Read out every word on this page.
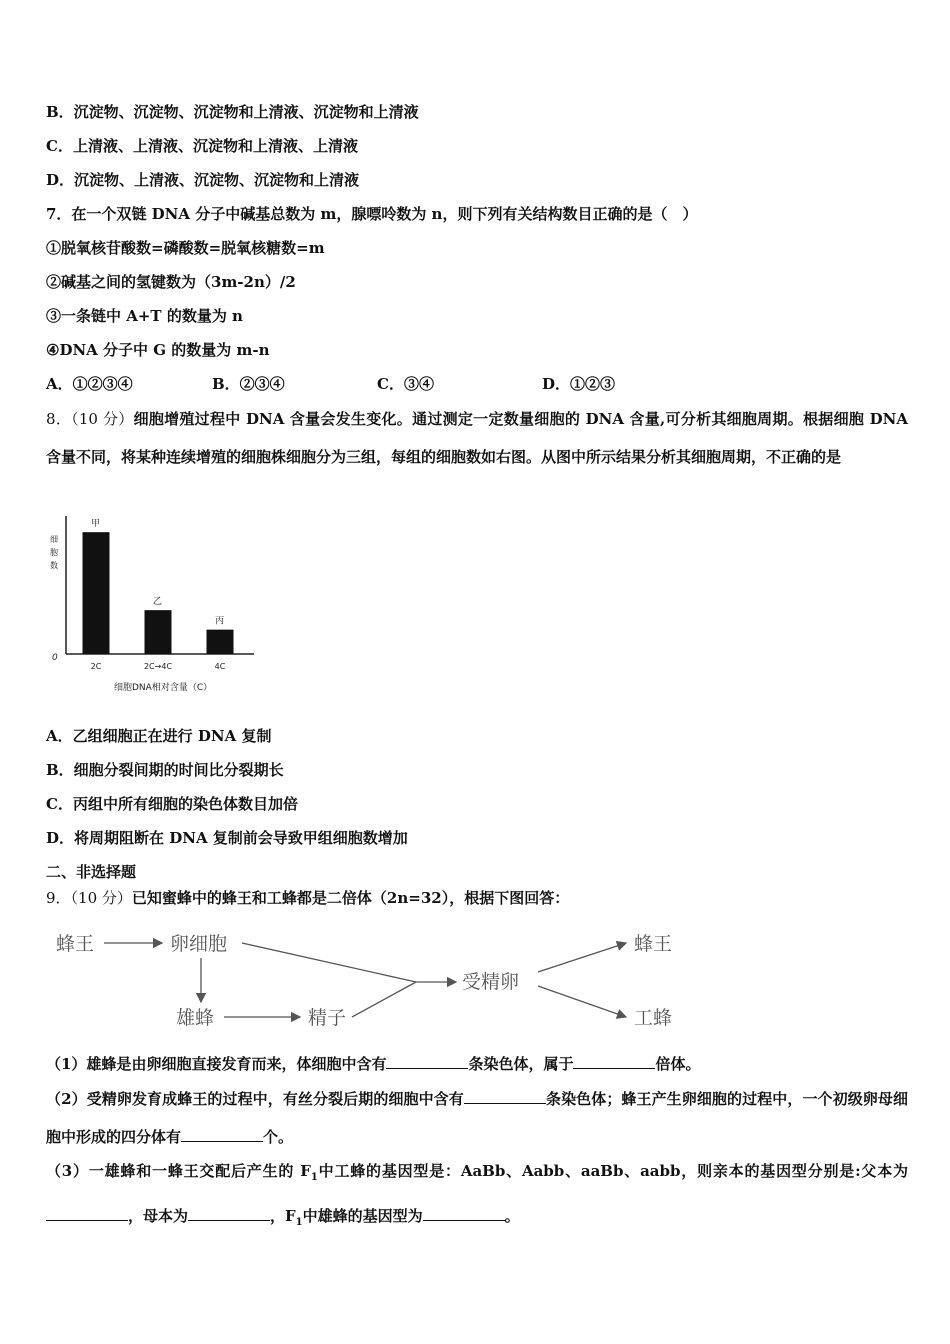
B．沉淀物、沉淀物、沉淀物和上清液、沉淀物和上清液
C．上清液、上清液、沉淀物和上清液、上清液
D．沉淀物、上清液、沉淀物、沉淀物和上清液
7．在一个双链 DNA 分子中碱基总数为 m，腺嘌呤数为 n，则下列有关结构数目正确的是（　）
①脱氧核苷酸数=磷酸数=脱氧核糖数=m
②碱基之间的氢键数为（3m-2n）/2
③一条链中 A+T 的数量为 n
④DNA 分子中 G 的数量为 m-n
A．①②③④	B．②③④	C．③④	D．①②③
8．（10 分）细胞增殖过程中 DNA 含量会发生变化。通过测定一定数量细胞的 DNA 含量,可分析其细胞周期。根据细胞 DNA 含量不同，将某种连续增殖的细胞株细胞分为三组，每组的细胞数如右图。从图中所示结果分析其细胞周期，不正确的是
细胞数
0
甲
2C
乙
2C→4C
丙
4C
细胞DNA相对含量（C）
A．乙组细胞正在进行 DNA 复制
B．细胞分裂间期的时间比分裂期长
C．丙组中所有细胞的染色体数目加倍
D．将周期阻断在 DNA 复制前会导致甲组细胞数增加
二、非选择题
9．（10 分）已知蜜蜂中的蜂王和工蜂都是二倍体（2n=32），根据下图回答：
蜂王	卵细胞
雄蜂	精子
受精卵
蜂王
工蜂
（1）雄蜂是由卵细胞直接发育而来，体细胞中含有	条染色体，属于	倍体。
（2）受精卵发育成蜂王的过程中，有丝分裂后期的细胞中含有	条染色体；蜂王产生卵细胞的过程中，一个初级卵母细胞中形成的四分体有	个。
（3）一雄蜂和一蜂王交配后产生的 $F_1$中工蜂的基因型是：AaBb、Aabb、aaBb、aabb，则亲本的基因型分别是:父本为，母本为	，$F_1$中雄蜂的基因型为	。
